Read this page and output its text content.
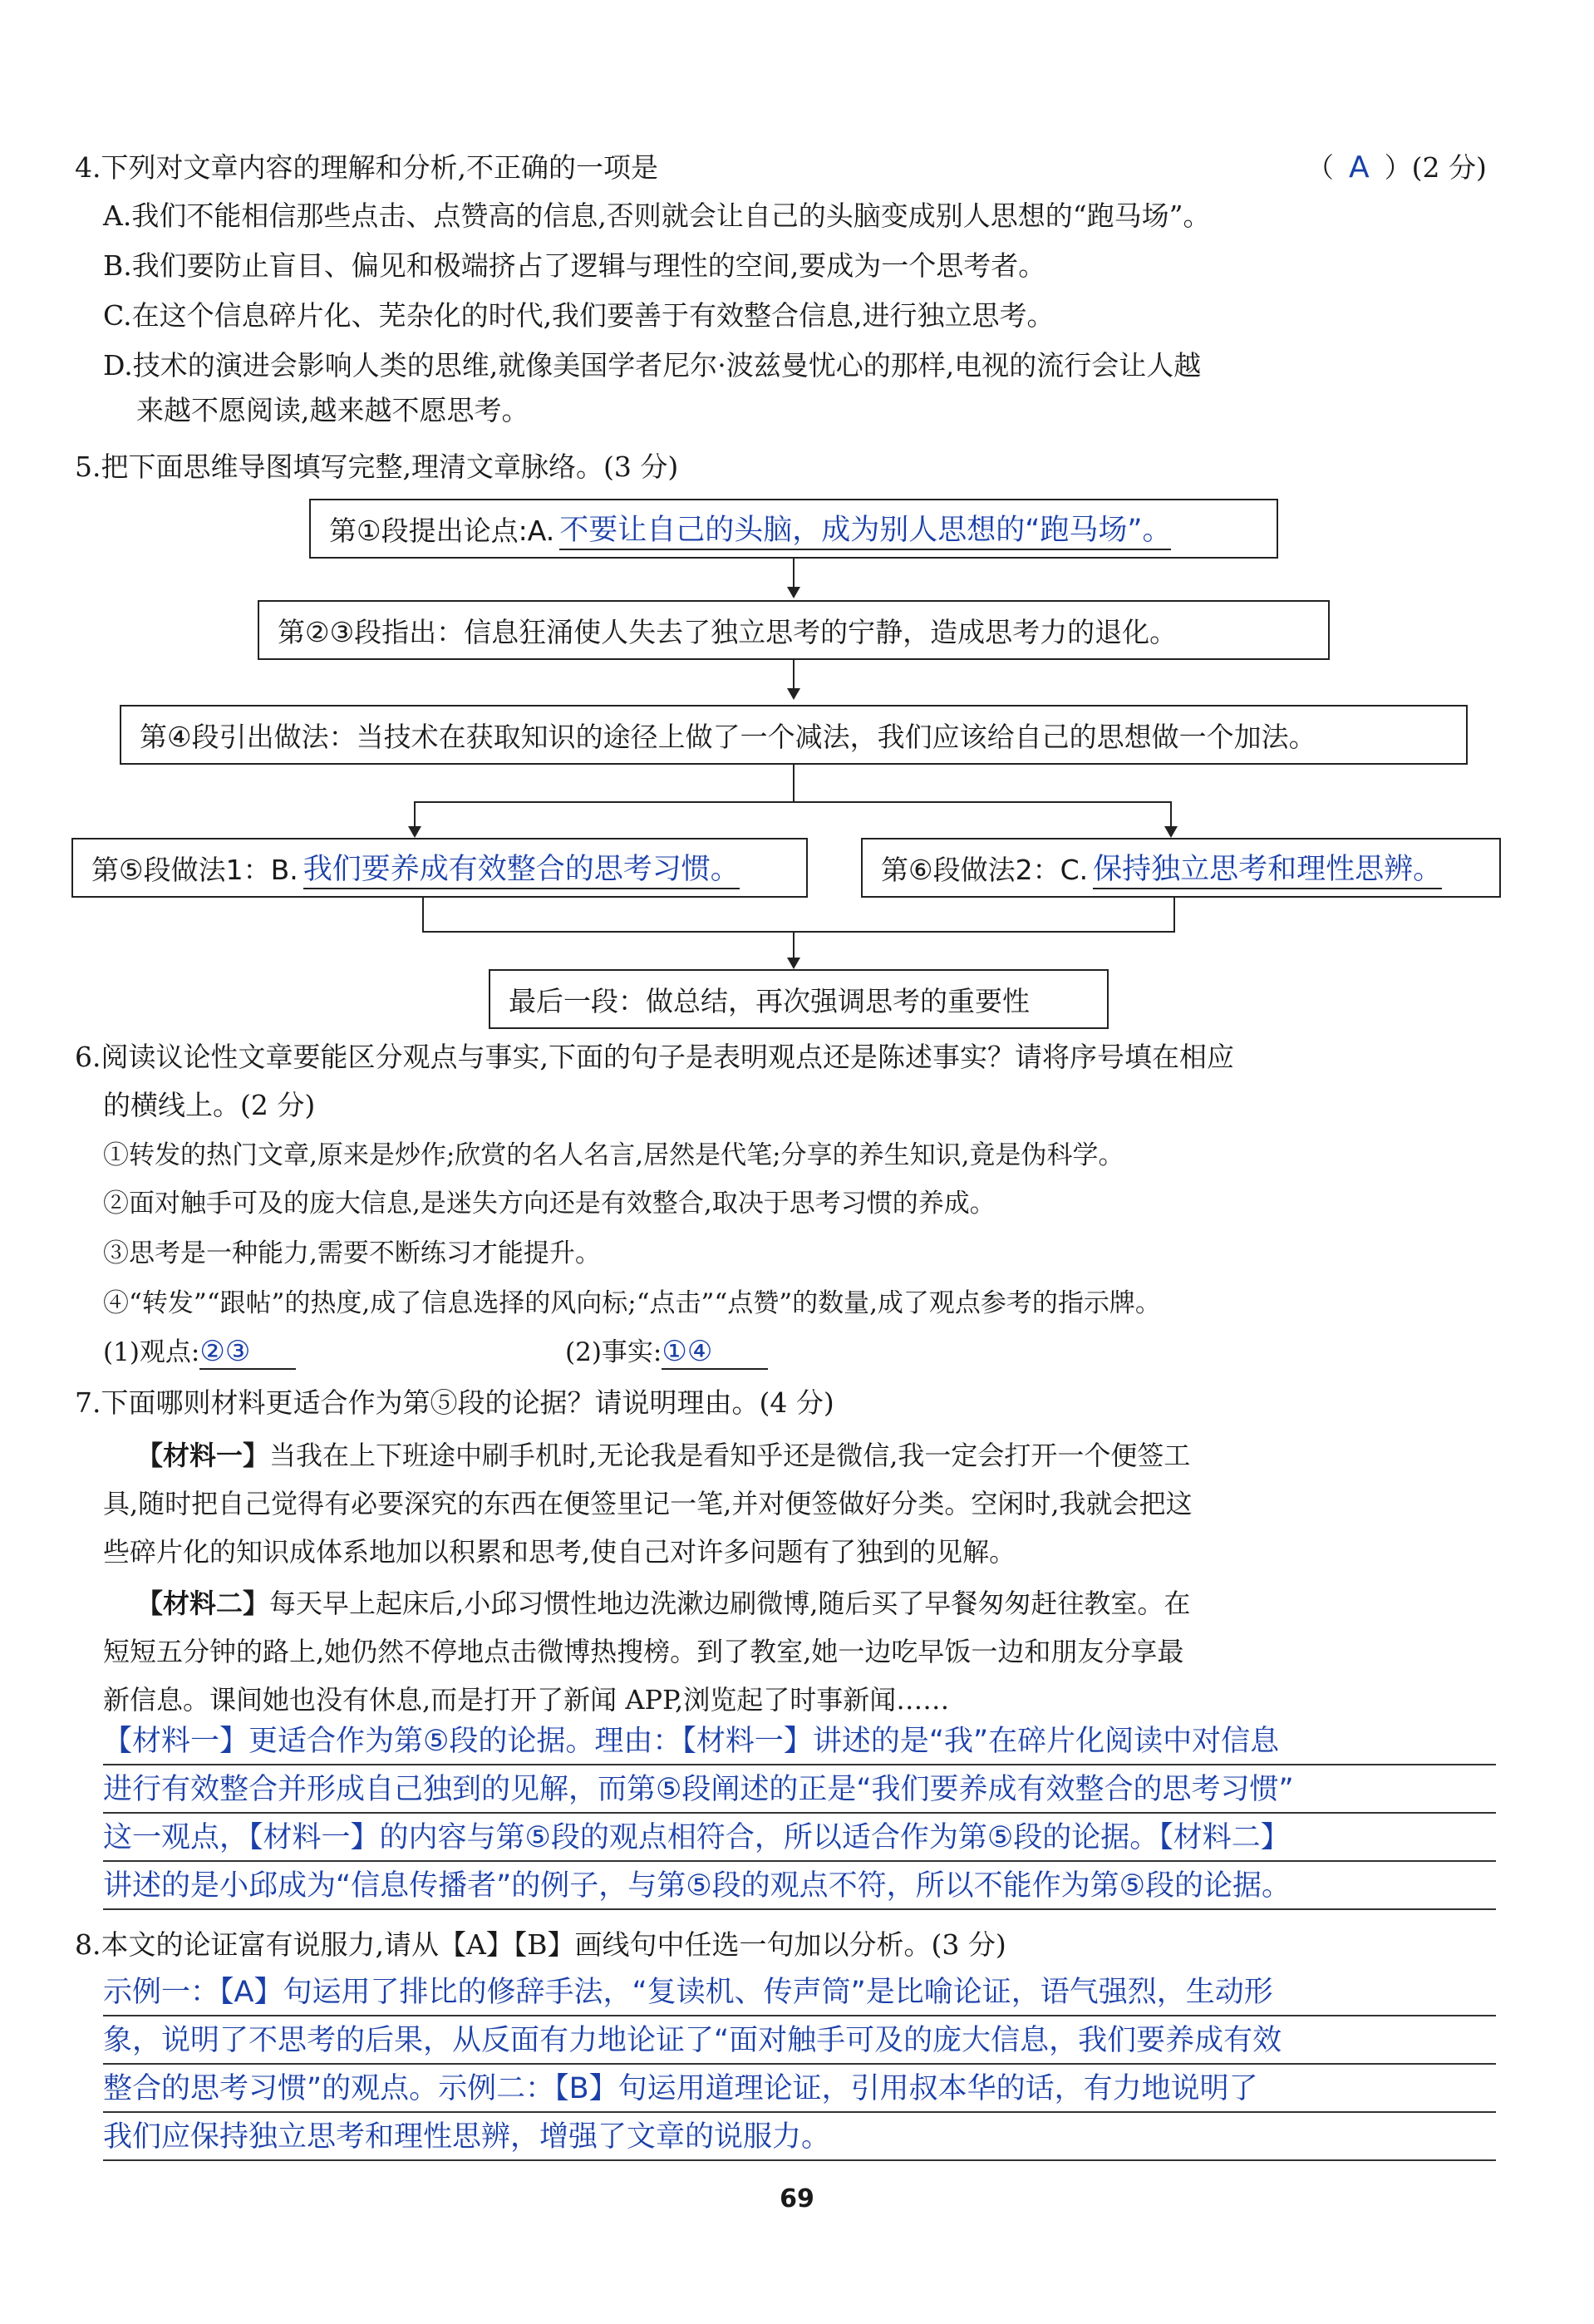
4.下列对文章内容的理解和分析,不正确的一项是	（ A ）(2 分)
A.我们不能相信那些点击、点赞高的信息,否则就会让自己的头脑变成别人思想的“跑马场”。
B.我们要防止盲目、偏见和极端挤占了逻辑与理性的空间,要成为一个思考者。
C.在这个信息碎片化、芜杂化的时代,我们要善于有效整合信息,进行独立思考。
D.技术的演进会影响人类的思维,就像美国学者尼尔·波兹曼忧心的那样,电视的流行会让人越
来越不愿阅读,越来越不愿思考。
5.把下面思维导图填写完整,理清文章脉络。(3 分)
第①段提出论点:A. 不要让自己的头脑，成为别人思想的“跑马场”。
第②③段指出：信息狂涌使人失去了独立思考的宁静，造成思考力的退化。
第④段引出做法：当技术在获取知识的途径上做了一个减法，我们应该给自己的思想做一个加法。
第⑤段做法1：B. 我们要养成有效整合的思考习惯。	第⑥段做法2：C. 保持独立思考和理性思辨。
最后一段：做总结，再次强调思考的重要性
6.阅读议论性文章要能区分观点与事实,下面的句子是表明观点还是陈述事实？请将序号填在相应
的横线上。(2 分)
①转发的热门文章,原来是炒作;欣赏的名人名言,居然是代笔;分享的养生知识,竟是伪科学。
②面对触手可及的庞大信息,是迷失方向还是有效整合,取决于思考习惯的养成。
③思考是一种能力,需要不断练习才能提升。
④“转发”“跟帖”的热度,成了信息选择的风向标;“点击”“点赞”的数量,成了观点参考的指示牌。
(1)观点:②③	(2)事实:①④
7.下面哪则材料更适合作为第⑤段的论据？请说明理由。(4 分)
【材料一】当我在上下班途中刷手机时,无论我是看知乎还是微信,我一定会打开一个便签工
具,随时把自己觉得有必要深究的东西在便签里记一笔,并对便签做好分类。空闲时,我就会把这
些碎片化的知识成体系地加以积累和思考,使自己对许多问题有了独到的见解。
【材料二】每天早上起床后,小邱习惯性地边洗漱边刷微博,随后买了早餐匆匆赶往教室。在
短短五分钟的路上,她仍然不停地点击微博热搜榜。到了教室,她一边吃早饭一边和朋友分享最
新信息。课间她也没有休息,而是打开了新闻 APP,浏览起了时事新闻……
【材料一】更适合作为第⑤段的论据。理由：【材料一】讲述的是“我”在碎片化阅读中对信息
进行有效整合并形成自己独到的见解，而第⑤段阐述的正是“我们要养成有效整合的思考习惯”
这一观点，【材料一】的内容与第⑤段的观点相符合，所以适合作为第⑤段的论据。【材料二】
讲述的是小邱成为“信息传播者”的例子，与第⑤段的观点不符，所以不能作为第⑤段的论据。
8.本文的论证富有说服力,请从【A】【B】画线句中任选一句加以分析。(3 分)
示例一：【A】句运用了排比的修辞手法，“复读机、传声筒”是比喻论证，语气强烈，生动形
象，说明了不思考的后果，从反面有力地论证了“面对触手可及的庞大信息，我们要养成有效
整合的思考习惯”的观点。示例二：【B】句运用道理论证，引用叔本华的话，有力地说明了
我们应保持独立思考和理性思辨，增强了文章的说服力。
69
